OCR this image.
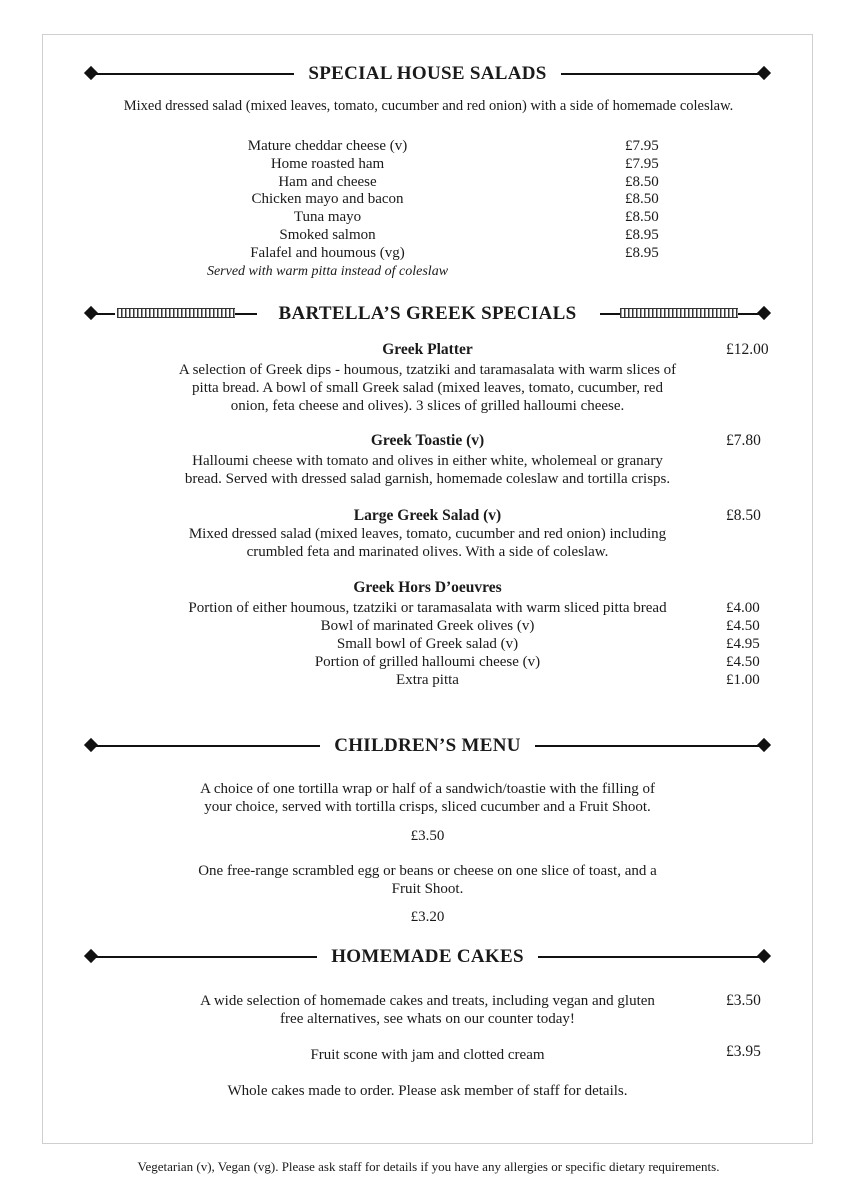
SPECIAL HOUSE SALADS
Mixed dressed salad (mixed leaves, tomato, cucumber and red onion) with a side of homemade coleslaw.
Mature cheddar cheese (v)	£7.95
Home roasted ham	£7.95
Ham and cheese	£8.50
Chicken mayo and bacon	£8.50
Tuna mayo	£8.50
Smoked salmon	£8.95
Falafel and houmous (vg)	£8.95
Served with warm pitta instead of coleslaw
BARTELLA’S GREEK SPECIALS
Greek Platter	£12.00
A selection of Greek dips - houmous, tzatziki and taramasalata with warm slices of
pitta bread. A bowl of small Greek salad (mixed leaves, tomato, cucumber, red
onion, feta cheese and olives). 3 slices of grilled halloumi cheese.
Greek Toastie (v)	£7.80
Halloumi cheese with tomato and olives in either white, wholemeal or granary
bread. Served with dressed salad garnish, homemade coleslaw and tortilla crisps.
Large Greek Salad (v)	£8.50
Mixed dressed salad (mixed leaves, tomato, cucumber and red onion) including
crumbled feta and marinated olives. With a side of coleslaw.
Greek Hors D’oeuvres
Portion of either houmous, tzatziki or taramasalata with warm sliced pitta bread	£4.00
Bowl of marinated Greek olives (v)	£4.50
Small bowl of Greek salad (v)	£4.95
Portion of grilled halloumi cheese (v)	£4.50
Extra pitta	£1.00
CHILDREN’S MENU
A choice of one tortilla wrap or half of a sandwich/toastie with the filling of
your choice, served with tortilla crisps, sliced cucumber and a Fruit Shoot.
£3.50
One free-range scrambled egg or beans or cheese on one slice of toast, and a
Fruit Shoot.
£3.20
HOMEMADE CAKES
A wide selection of homemade cakes and treats, including vegan and gluten
free alternatives, see whats on our counter today!
£3.50
Fruit scone with jam and clotted cream	£3.95
Whole cakes made to order. Please ask member of staff for details.
Vegetarian (v), Vegan (vg). Please ask staff for details if you have any allergies or specific dietary requirements.
